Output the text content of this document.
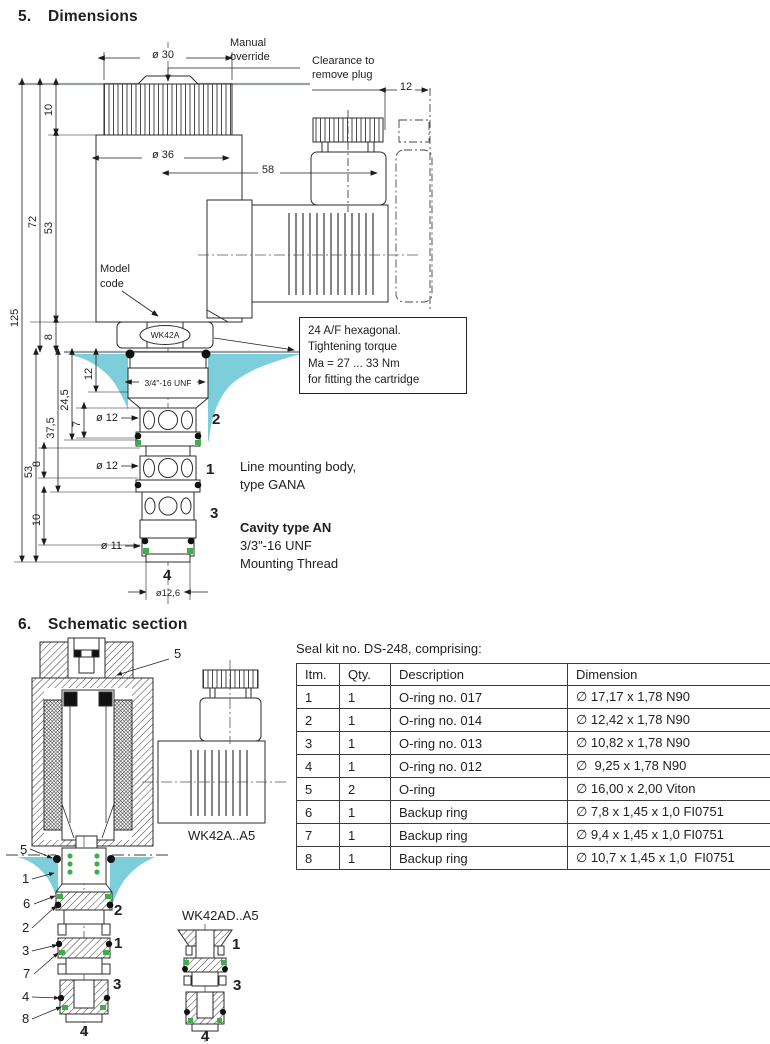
5.	Dimensions
WK42A
3/4"-16 UNF
ø 30
Manual
override	Clearance to
remove plug
12
ø 36
58
Model
code
10
53
72
125
8
53
37,5
24,5
12
7
8
10
ø 12
ø 12
ø 11
2
1
3
4
ø12,6
24 A/F hexagonal.
Tightening torque
Ma = 27 ... 33 Nm
for fitting the cartridge
Line mounting body,
type GANA
Cavity type AN
3/3"-16 UNF
Mounting Thread
6.	Schematic section
5
5
1
6
2
3
7
4
8
2
1
3
4
WK42A..A5
WK42AD..A5
1
3
4

Seal kit no. DS-248, comprising:

Itm.	Qty.	Description	Dimension
1	1	O-ring no. 017	∅ 17,17 x 1,78 N90
2	1	O-ring no. 014	∅ 12,42 x 1,78 N90
3	1	O-ring no. 013	∅ 10,82 x 1,78 N90
4	1	O-ring no. 012	∅  9,25 x 1,78 N90
5	2	O-ring	∅ 16,00 x 2,00 Viton
6	1	Backup ring	∅ 7,8 x 1,45 x 1,0 FI0751
7	1	Backup ring	∅ 9,4 x 1,45 x 1,0 FI0751
8	1	Backup ring	∅ 10,7 x 1,45 x 1,0  FI0751
